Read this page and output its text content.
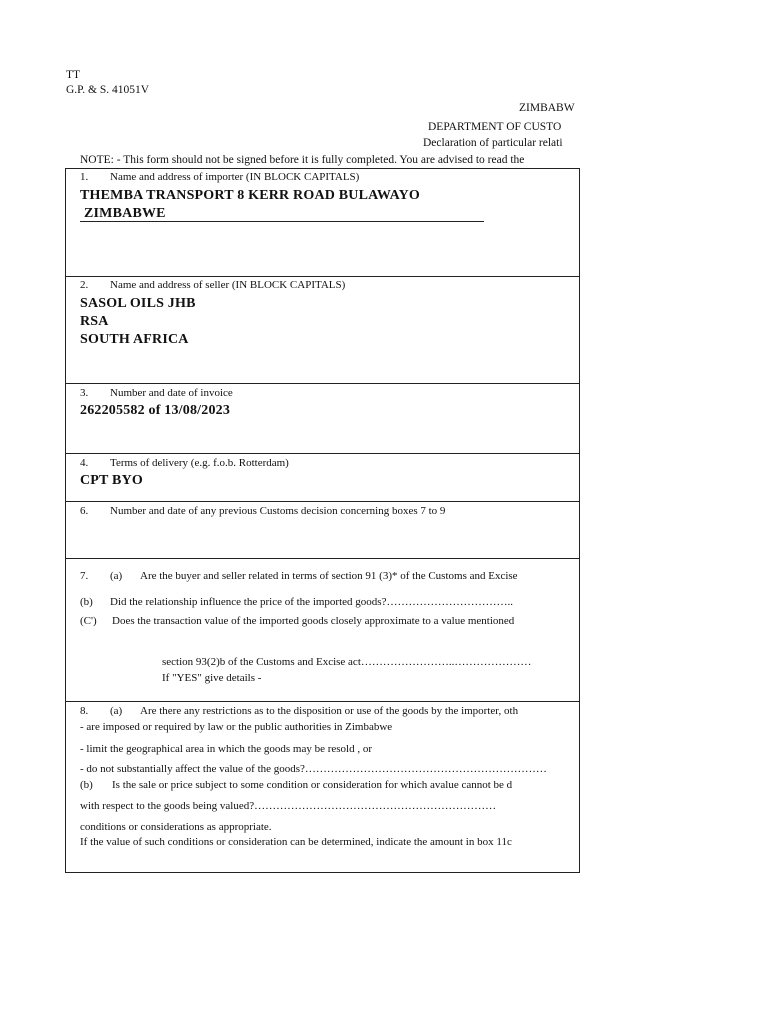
TT
G.P. & S. 41051V
ZIMBABW
DEPARTMENT OF CUSTO
Declaration of particular relati
NOTE: - This form should not be signed before it is fully completed. You are advised to read the
1. Name and address of importer (IN BLOCK CAPITALS)
THEMBA TRANSPORT 8 KERR ROAD BULAWAYO
ZIMBABWE
2. Name and address of seller (IN BLOCK CAPITALS)
SASOL OILS JHB
RSA
SOUTH AFRICA
3. Number and date of invoice
262205582 of 13/08/2023
4. Terms of delivery (e.g. f.o.b. Rotterdam)
CPT BYO
6. Number and date of any previous Customs decision concerning boxes 7 to 9
7. (a) Are the buyer and seller related in terms of section 91 (3)* of the Customs and Excise
(b) Did the relationship influence the price of the imported goods?……………………………..
(C') Does the transaction value of the imported goods closely approximate to a value mentioned
section 93(2)b of the Customs and Excise act……………………..…………………
If "YES" give details -
8. (a) Are there any restrictions as to the disposition or use of the goods by the importer, oth
- are imposed or required by law or the public authorities in Zimbabwe
- limit the geographical area in which the goods may be resold , or
- do not substantially affect the value of the goods?…………………………………………………………
(b) Is the sale or price subject to some condition or consideration for which avalue cannot be d
with respect to the goods being valued?…………………………………………………………
conditions or considerations as appropriate.
If the value of such conditions or consideration can be determined, indicate the amount in box 11c
